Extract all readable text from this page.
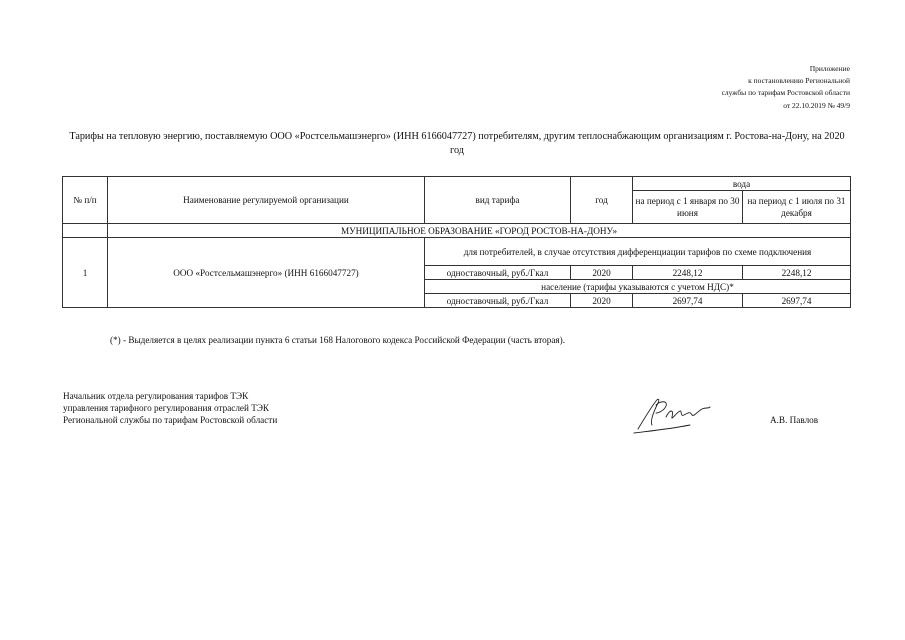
Приложение
к постановлению Региональной
службы по тарифам Ростовской области
от 22.10.2019 № 49/9
Тарифы на тепловую энергию, поставляемую ООО «Ростсельмашэнерго» (ИНН 6166047727) потребителям, другим теплоснабжающим организациям г. Ростова-на-Дону, на 2020 год
№ п/п	Наименование регулируемой организации	вид тарифа	год	вода	
				на период с 1 января по 30 июня	на период с 1 июля по 31 декабря
	МУНИЦИПАЛЬНОЕ ОБРАЗОВАНИЕ «ГОРОД РОСТОВ-НА-ДОНУ»				
1	ООО «Ростсельмашэнерго» (ИНН 6166047727)	для потребителей, в случае отсутствия дифференциации тарифов по схеме подключения			
		одноставочный, руб./Гкал	2020	2248,12	2248,12
		население (тарифы указываются с учетом НДС)*			
		одноставочный, руб./Гкал	2020	2697,74	2697,74
(*) - Выделяется в целях реализации пункта 6 статьи 168 Налогового кодекса Российской Федерации (часть вторая).
Начальник отдела регулирования тарифов ТЭК
управления тарифного регулирования отраслей ТЭК
Региональной службы по тарифам Ростовской области	А.В. Павлов
